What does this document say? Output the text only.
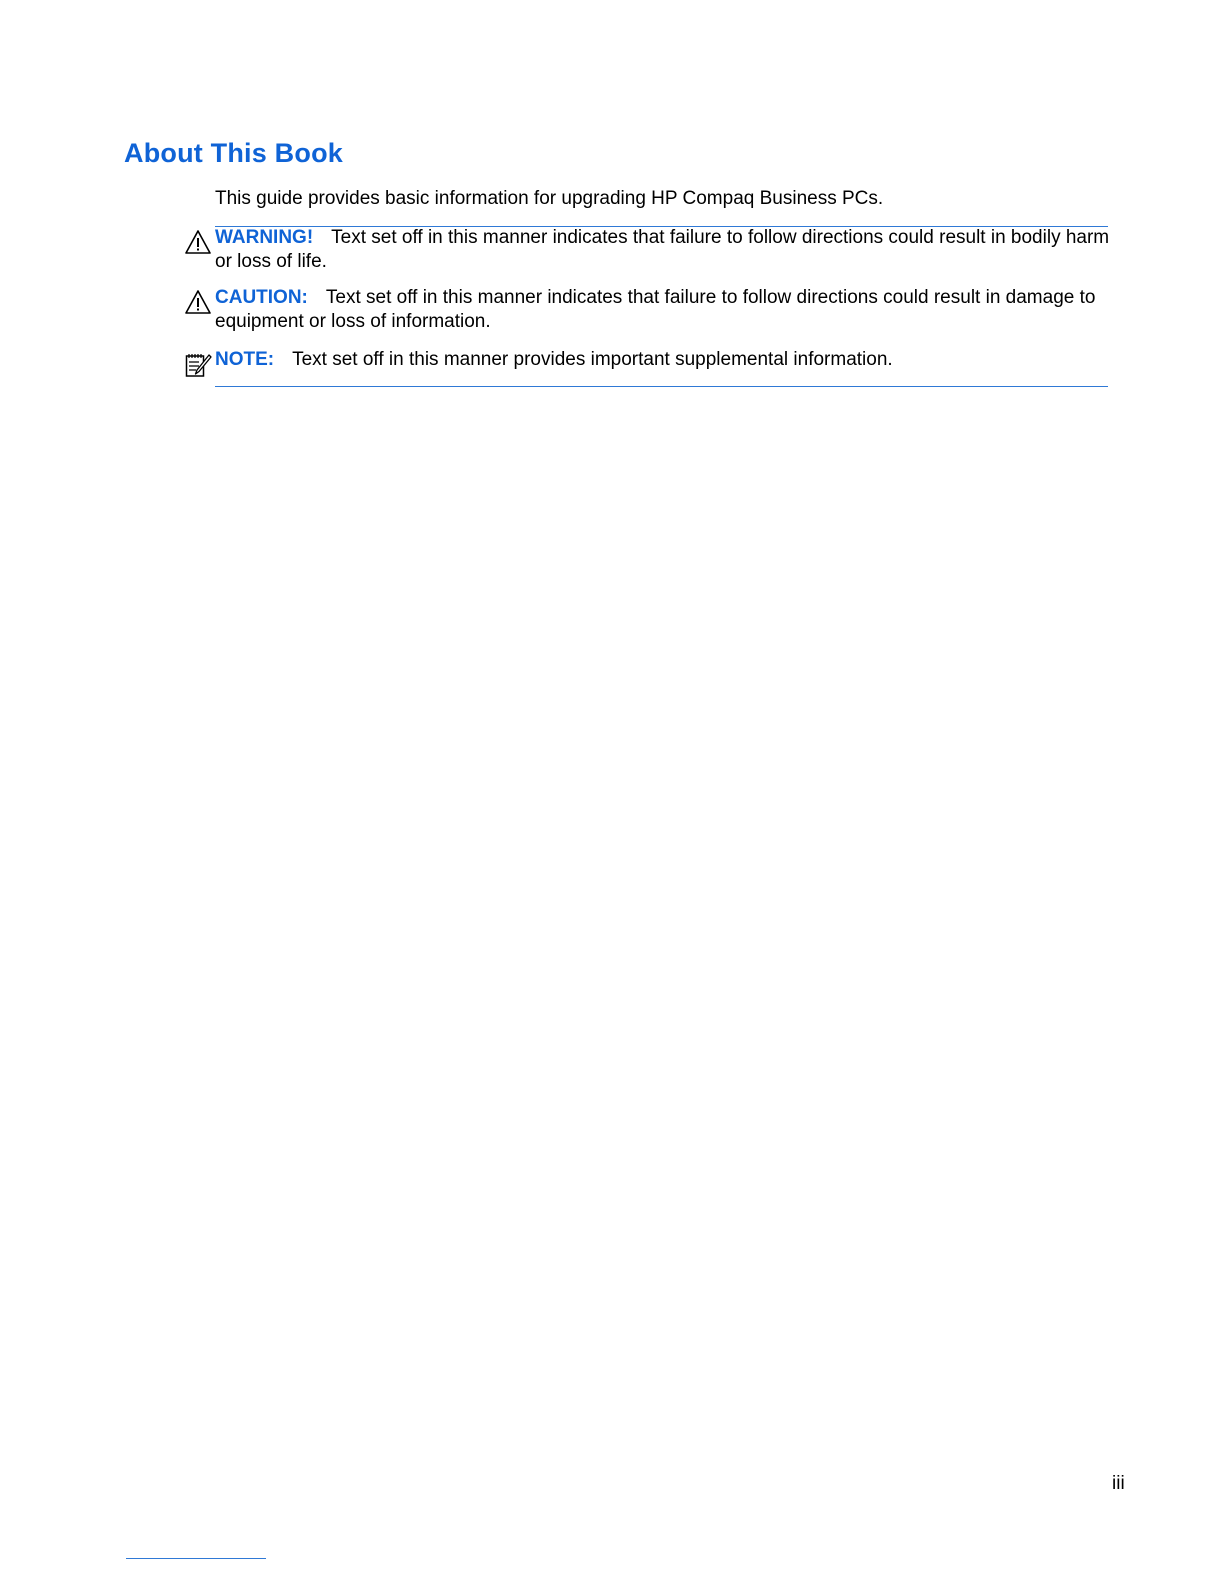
About This Book

This guide provides basic information for upgrading HP Compaq Business PCs.

WARNING! Text set off in this manner indicates that failure to follow directions could result in bodily harm or loss of life.

CAUTION: Text set off in this manner indicates that failure to follow directions could result in damage to equipment or loss of information.

NOTE: Text set off in this manner provides important supplemental information.

iii
